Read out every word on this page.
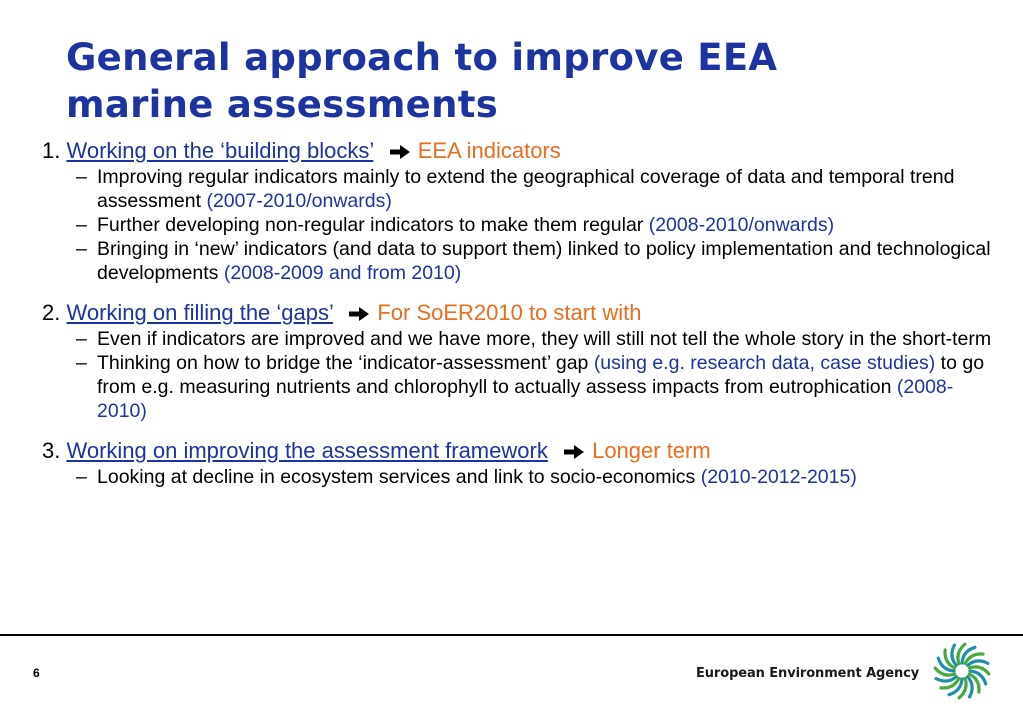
General approach to improve EEA
marine assessments

1. Working on the ‘building blocks’ EEA indicators

– Improving regular indicators mainly to extend the geographical coverage of data and temporal trend assessment (2007-2010/onwards)

– Further developing non-regular indicators to make them regular (2008-2010/onwards)

– Bringing in ‘new’ indicators (and data to support them) linked to policy implementation and technological developments (2008-2009 and from 2010)

2. Working on filling the ‘gaps’ For SoER2010 to start with

– Even if indicators are improved and we have more, they will still not tell the whole story in the short-term

– Thinking on how to bridge the ‘indicator-assessment’ gap (using e.g. research data, case studies) to go from e.g. measuring nutrients and chlorophyll to actually assess impacts from eutrophication (2008-2010)

3. Working on improving the assessment framework Longer term

– Looking at decline in ecosystem services and link to socio-economics (2010-2012-2015)

6	European Environment Agency
